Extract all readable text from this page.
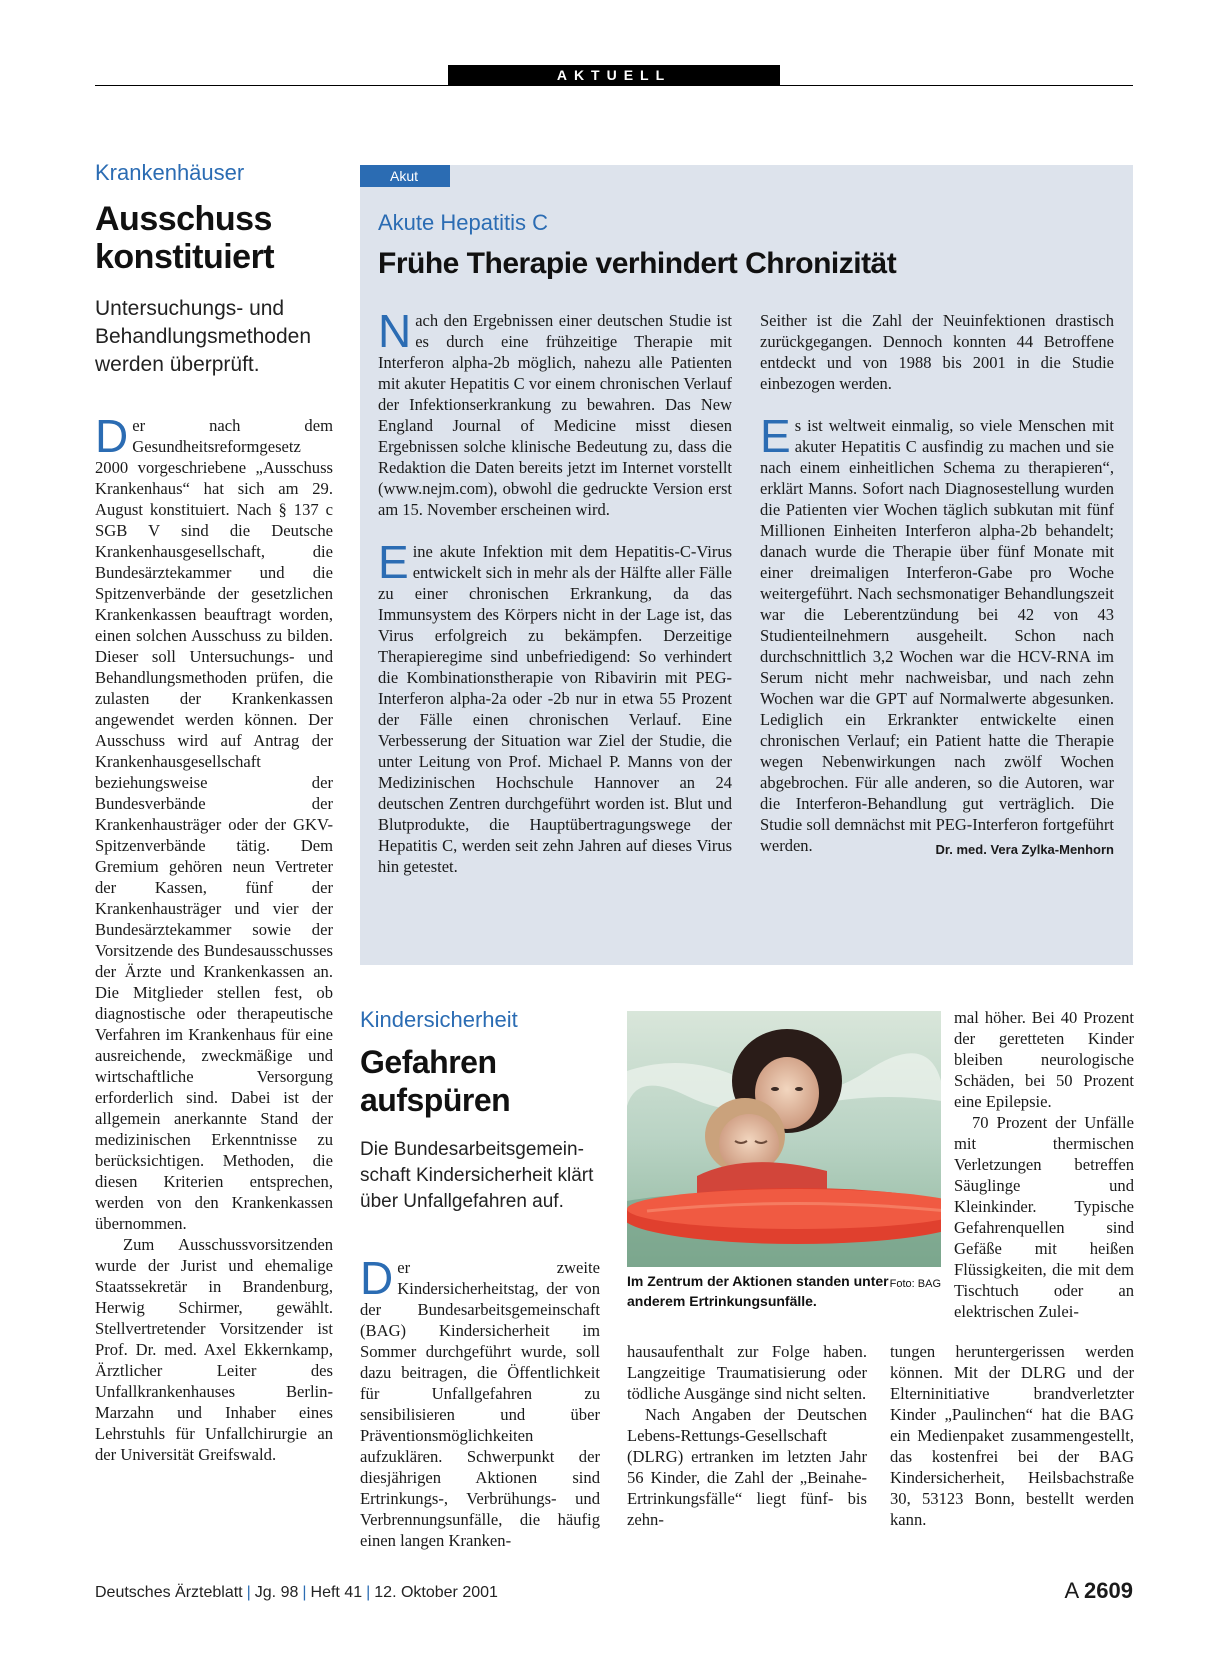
AKTUELL
Krankenhäuser
Ausschuss
konstituiert
Untersuchungs- und
Behandlungsmethoden
werden überprüft.

Der nach dem Gesundheitsreformgesetz 2000 vorgeschriebene „Ausschuss Krankenhaus“ hat sich am 29. August konstituiert. Nach § 137 c SGB V sind die Deutsche Krankenhausgesellschaft, die Bundesärztekammer und die Spitzenverbände der gesetzlichen Krankenkassen beauftragt worden, einen solchen Ausschuss zu bilden. Dieser soll Untersuchungs- und Behandlungsmethoden prüfen, die zulasten der Krankenkassen angewendet werden können. Der Ausschuss wird auf Antrag der Krankenhausgesellschaft beziehungsweise der Bundesverbände der Krankenhausträger oder der GKV-Spitzenverbände tätig. Dem Gremium gehören neun Vertreter der Kassen, fünf der Krankenhausträger und vier der Bundesärztekammer sowie der Vorsitzende des Bundesausschusses der Ärzte und Krankenkassen an. Die Mitglieder stellen fest, ob diagnostische oder therapeutische Verfahren im Krankenhaus für eine ausreichende, zweckmäßige und wirtschaftliche Versorgung erforderlich sind. Dabei ist der allgemein anerkannte Stand der medizinischen Erkenntnisse zu berücksichtigen. Methoden, die diesen Kriterien entsprechen, werden von den Krankenkassen übernommen.

Zum Ausschussvorsitzenden wurde der Jurist und ehemalige Staatssekretär in Brandenburg, Herwig Schirmer, gewählt. Stellvertretender Vorsitzender ist Prof. Dr. med. Axel Ekkernkamp, Ärztlicher Leiter des Unfallkrankenhauses Berlin-Marzahn und Inhaber eines Lehrstuhls für Unfallchirurgie an der Universität Greifswald.

Akut
Akute Hepatitis C
Frühe Therapie verhindert Chronizität

Nach den Ergebnissen einer deutschen Studie ist es durch eine frühzeitige Therapie mit Interferon alpha-2b möglich, nahezu alle Patienten mit akuter Hepatitis C vor einem chronischen Verlauf der Infektionserkrankung zu bewahren. Das New England Journal of Medicine misst diesen Ergebnissen solche klinische Bedeutung zu, dass die Redaktion die Daten bereits jetzt im Internet vorstellt (www.nejm.com), obwohl die gedruckte Version erst am 15. November erscheinen wird.

Eine akute Infektion mit dem Hepatitis-C-Virus entwickelt sich in mehr als der Hälfte aller Fälle zu einer chronischen Erkrankung, da das Immunsystem des Körpers nicht in der Lage ist, das Virus erfolgreich zu bekämpfen. Derzeitige Therapieregime sind unbefriedigend: So verhindert die Kombinationstherapie von Ribavirin mit PEG-Interferon alpha-2a oder -2b nur in etwa 55 Prozent der Fälle einen chronischen Verlauf. Eine Verbesserung der Situation war Ziel der Studie, die unter Leitung von Prof. Michael P. Manns von der Medizinischen Hochschule Hannover an 24 deutschen Zentren durchgeführt worden ist. Blut und Blutprodukte, die Hauptübertragungswege der Hepatitis C, werden seit zehn Jahren auf dieses Virus hin getestet.

Seither ist die Zahl der Neuinfektionen drastisch zurückgegangen. Dennoch konnten 44 Betroffene entdeckt und von 1988 bis 2001 in die Studie einbezogen werden.

Es ist weltweit einmalig, so viele Menschen mit akuter Hepatitis C ausfindig zu machen und sie nach einem einheitlichen Schema zu therapieren“, erklärt Manns. Sofort nach Diagnosestellung wurden die Patienten vier Wochen täglich subkutan mit fünf Millionen Einheiten Interferon alpha-2b behandelt; danach wurde die Therapie über fünf Monate mit einer dreimaligen Interferon-Gabe pro Woche weitergeführt. Nach sechsmonatiger Behandlungszeit war die Leberentzündung bei 42 von 43 Studienteilnehmern ausgeheilt. Schon nach durchschnittlich 3,2 Wochen war die HCV-RNA im Serum nicht mehr nachweisbar, und nach zehn Wochen war die GPT auf Normalwerte abgesunken. Lediglich ein Erkrankter entwickelte einen chronischen Verlauf; ein Patient hatte die Therapie wegen Nebenwirkungen nach zwölf Wochen abgebrochen. Für alle anderen, so die Autoren, war die Interferon-Behandlung gut verträglich. Die Studie soll demnächst mit PEG-Interferon fortgeführt werden.	Dr. med. Vera Zylka-Menhorn

Kindersicherheit
Gefahren
aufspüren
Die Bundesarbeitsgemein-
schaft Kindersicherheit klärt
über Unfallgefahren auf.

Der zweite Kindersicherheitstag, der von der Bundesarbeitsgemeinschaft (BAG) Kindersicherheit im Sommer durchgeführt wurde, soll dazu beitragen, die Öffentlichkeit für Unfallgefahren zu sensibilisieren und über Präventionsmöglichkeiten aufzuklären. Schwerpunkt der diesjährigen Aktionen sind Ertrinkungs-, Verbrühungs- und Verbrennungsunfälle, die häufig einen langen Kranken-

Foto: BAG
Im Zentrum der Aktionen standen unter anderem Ertrinkungsunfälle.

hausaufenthalt zur Folge haben. Langzeitige Traumatisierung oder tödliche Ausgänge sind nicht selten.

Nach Angaben der Deutschen Lebens-Rettungs-Gesellschaft (DLRG) ertranken im letzten Jahr 56 Kinder, die Zahl der „Beinahe-Ertrinkungsfälle“ liegt fünf- bis zehn-

mal höher. Bei 40 Prozent der geretteten Kinder bleiben neurologische Schäden, bei 50 Prozent eine Epilepsie.

70 Prozent der Unfälle mit thermischen Verletzungen betreffen Säuglinge und Kleinkinder. Typische Gefahrenquellen sind Gefäße mit heißen Flüssigkeiten, die mit dem Tischtuch oder an elektrischen Zulei-

tungen heruntergerissen werden können. Mit der DLRG und der Elterninitiative brandverletzter Kinder „Paulinchen“ hat die BAG ein Medienpaket zusammengestellt, das kostenfrei bei der BAG Kindersicherheit, Heilsbachstraße 30, 53123 Bonn, bestellt werden kann.

Deutsches Ärzteblatt | Jg. 98 | Heft 41 | 12. Oktober 2001	A 2609
